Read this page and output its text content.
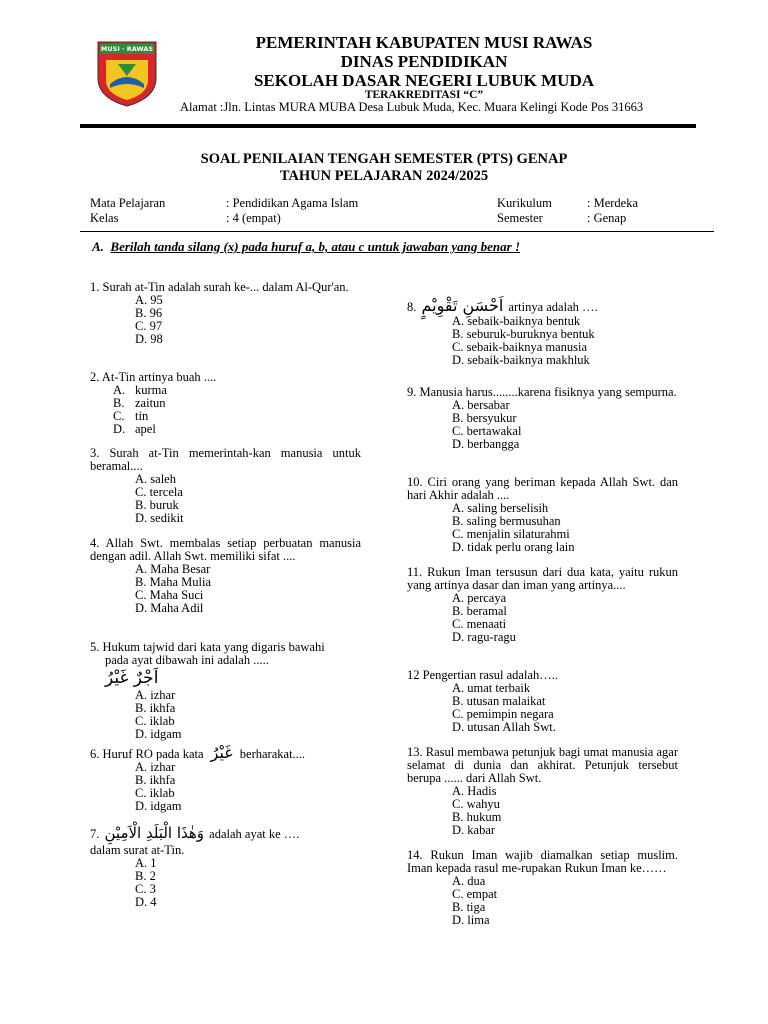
MUSI · RAWAS	PEMERINTAH KABUPATEN MUSI RAWAS
DINAS PENDIDIKAN
SEKOLAH DASAR NEGERI LUBUK MUDA
TERAKREDITASI “C”
Alamat :Jln. Lintas MURA MUBA Desa Lubuk Muda, Kec. Muara Kelingi Kode Pos 31663
SOAL PENILAIAN TENGAH SEMESTER (PTS) GENAP
TAHUN PELAJARAN 2024/2025
Mata Pelajaran	: Pendidikan Agama Islam
Kelas	: 4 (empat)
Kurikulum	: Merdeka
Semester	: Genap
A. Berilah tanda silang (x) pada huruf a, b, atau c untuk jawaban yang benar !

1. Surah at-Tin adalah surah ke-... dalam Al-Qur'an.

A. 95
B. 96
C. 97
D. 98

2. At-Tin artinya buah ....

A. kurma
B. zaitun
C. tin
D. apel

3. Surah at-Tin memerintah-kan manusia untuk beramal....

A. saleh
C. tercela
B. buruk
D. sedikit

4. Allah Swt. membalas setiap perbuatan manusia dengan adil. Allah Swt. memiliki sifat ....

A. Maha Besar
B. Maha Mulia
C. Maha Suci
D. Maha Adil

5. Hukum tajwid dari kata yang digaris bawahi

pada ayat dibawah ini adalah .....

اَجْرٌ غَيْرُ
A. izhar
B. ikhfa
C. iklab
D. idgam

6. Huruf RO pada kata غَيْرُ berharakat....

A. izhar
B. ikhfa
C. iklab
D. idgam

7. وَهٰذَا الْبَلَدِ الْاَمِيْنِ adalah ayat ke ….

dalam surat at-Tin.

A. 1
B. 2
C. 3
D. 4

8. اَحْسَنِ تَقْوِيْمٍ artinya adalah ….

A. sebaik-baiknya bentuk
B. seburuk-buruknya bentuk
C. sebaik-baiknya manusia
D. sebaik-baiknya makhluk

9. Manusia harus........karena fisiknya yang sempurna.

A. bersabar
B. bersyukur
C. bertawakal
D. berbangga

10. Ciri orang yang beriman kepada Allah Swt. dan hari Akhir adalah ....

A. saling berselisih
B. saling bermusuhan
C. menjalin silaturahmi
D. tidak perlu orang lain

11. Rukun Iman tersusun dari dua kata, yaitu rukun yang artinya dasar dan iman yang artinya....

A. percaya
B. beramal
C. menaati
D. ragu-ragu

12 Pengertian rasul adalah…..

A. umat terbaik
B. utusan malaikat
C. pemimpin negara
D. utusan Allah Swt.

13. Rasul membawa petunjuk bagi umat manusia agar selamat di dunia dan akhirat. Petunjuk tersebut berupa ...... dari Allah Swt.

A. Hadis
C. wahyu
B. hukum
D. kabar

14. Rukun Iman wajib diamalkan setiap muslim. Iman kepada rasul me-rupakan Rukun Iman ke……

A. dua
C. empat
B. tiga
D. lima
